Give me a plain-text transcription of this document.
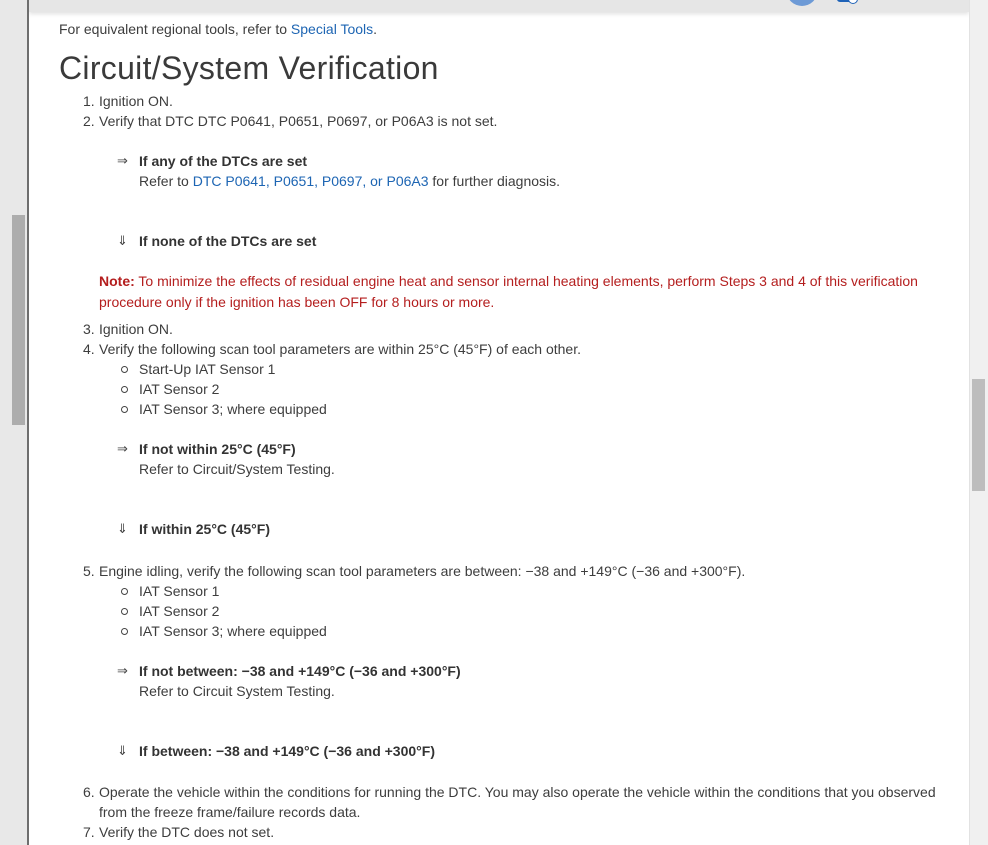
For equivalent regional tools, refer to Special Tools.
Circuit/System Verification
1. Ignition ON.
2. Verify that DTC DTC P0641, P0651, P0697, or P06A3 is not set.
⇒ If any of the DTCs are set
Refer to DTC P0641, P0651, P0697, or P06A3 for further diagnosis.
⇓ If none of the DTCs are set
Note: To minimize the effects of residual engine heat and sensor internal heating elements, perform Steps 3 and 4 of this verification procedure only if the ignition has been OFF for 8 hours or more.
3. Ignition ON.
4. Verify the following scan tool parameters are within 25°C (45°F) of each other.
Start-Up IAT Sensor 1
IAT Sensor 2
IAT Sensor 3; where equipped
⇒ If not within 25°C (45°F)
Refer to Circuit/System Testing.
⇓ If within 25°C (45°F)
5. Engine idling, verify the following scan tool parameters are between: −38 and +149°C (−36 and +300°F).
IAT Sensor 1
IAT Sensor 2
IAT Sensor 3; where equipped
⇒ If not between: −38 and +149°C (−36 and +300°F)
Refer to Circuit System Testing.
⇓ If between: −38 and +149°C (−36 and +300°F)
6. Operate the vehicle within the conditions for running the DTC. You may also operate the vehicle within the conditions that you observed from the freeze frame/failure records data.
7. Verify the DTC does not set.
